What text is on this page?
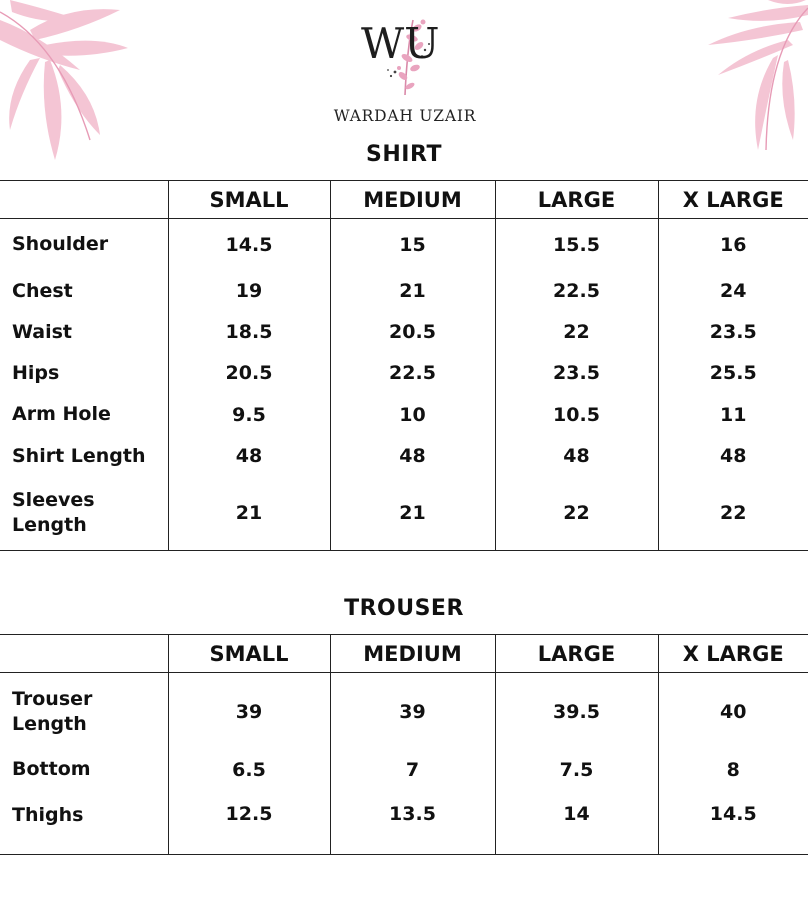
WU
WARDAH UZAIR
SHIRT
	SMALL	MEDIUM	LARGE	X LARGE
Shoulder	14.5	15	15.5	16
Chest	19	21	22.5	24
Waist	18.5	20.5	22	23.5
Hips	20.5	22.5	23.5	25.5
Arm Hole	9.5	10	10.5	11
Shirt Length	48	48	48	48
Sleeves Length	21	21	22	22
TROUSER
	SMALL	MEDIUM	LARGE	X LARGE
Trouser Length	39	39	39.5	40
Bottom	6.5	7	7.5	8
Thighs	12.5	13.5	14	14.5
